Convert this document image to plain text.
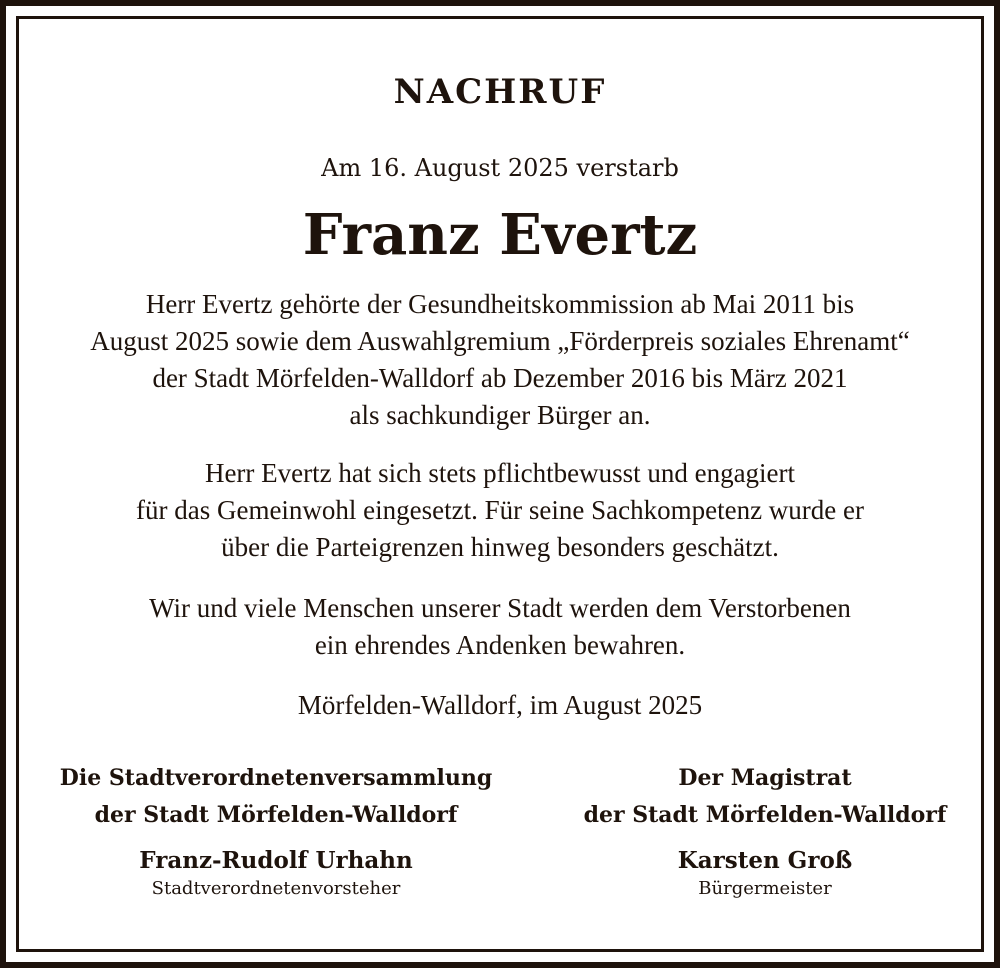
NACHRUF
Am 16. August 2025 verstarb
Franz Evertz
Herr Evertz gehörte der Gesundheitskommission ab Mai 2011 bis
August 2025 sowie dem Auswahlgremium „Förderpreis soziales Ehrenamt“
der Stadt Mörfelden-Walldorf ab Dezember 2016 bis März 2021
als sachkundiger Bürger an.
Herr Evertz hat sich stets pflichtbewusst und engagiert
für das Gemeinwohl eingesetzt. Für seine Sachkompetenz wurde er
über die Parteigrenzen hinweg besonders geschätzt.
Wir und viele Menschen unserer Stadt werden dem Verstorbenen
ein ehrendes Andenken bewahren.
Mörfelden-Walldorf, im August 2025
Die Stadtverordnetenversammlung
der Stadt Mörfelden-Walldorf
Franz-Rudolf Urhahn
Stadtverordnetenvorsteher
Der Magistrat
der Stadt Mörfelden-Walldorf
Karsten Groß
Bürgermeister
